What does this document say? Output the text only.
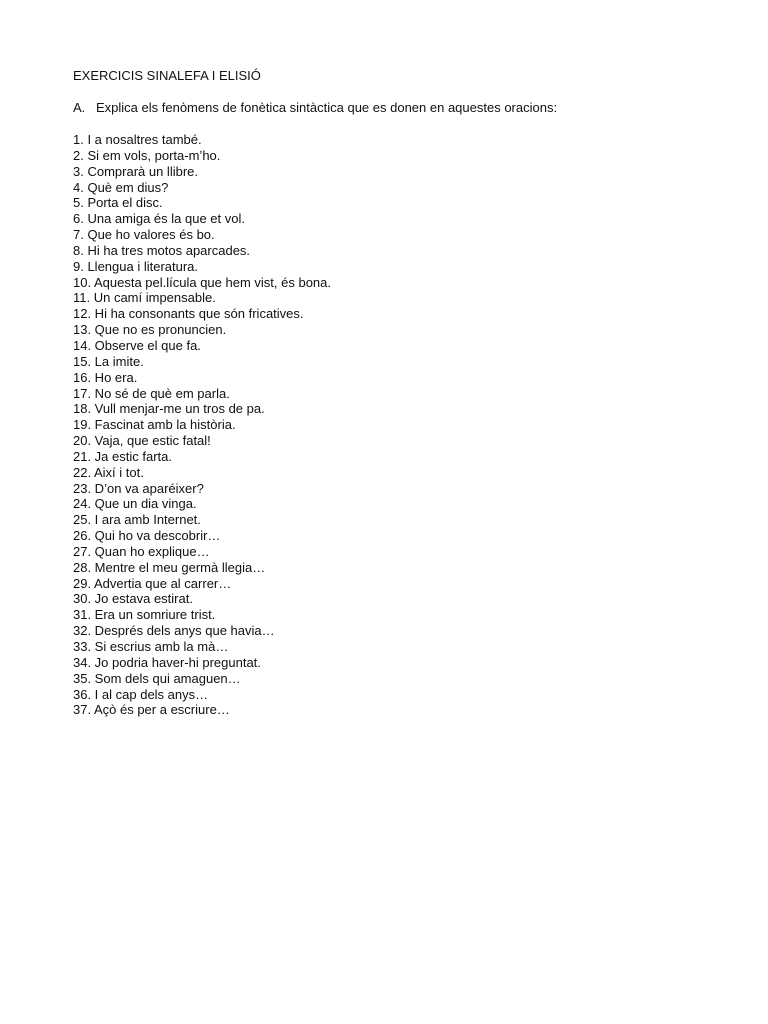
EXERCICIS SINALEFA I ELISIÓ
A. Explica els fenòmens de fonètica sintàctica que es donen en aquestes oracions:
1. I a nosaltres també.
2. Si em vols, porta-m’ho.
3. Comprarà un llibre.
4. Què em dius?
5. Porta el disc.
6. Una amiga és la que et vol.
7. Que ho valores és bo.
8. Hi ha tres motos aparcades.
9. Llengua i literatura.
10. Aquesta pel.lícula que hem vist, és bona.
11. Un camí impensable.
12. Hi ha consonants que són fricatives.
13. Que no es pronuncien.
14. Observe el que fa.
15. La imite.
16. Ho era.
17. No sé de què em parla.
18. Vull menjar-me un tros de pa.
19. Fascinat amb la història.
20. Vaja, que estic fatal!
21. Ja estic farta.
22. Així i tot.
23. D’on va aparéixer?
24. Que un dia vinga.
25. I ara amb Internet.
26. Qui ho va descobrir…
27. Quan ho explique…
28. Mentre el meu germà llegia…
29. Advertia que al carrer…
30. Jo estava estirat.
31. Era un somriure trist.
32. Després dels anys que havia…
33. Si escrius amb la mà…
34. Jo podria haver-hi preguntat.
35. Som dels qui amaguen…
36. I al cap dels anys…
37. Açò és per a escriure…
